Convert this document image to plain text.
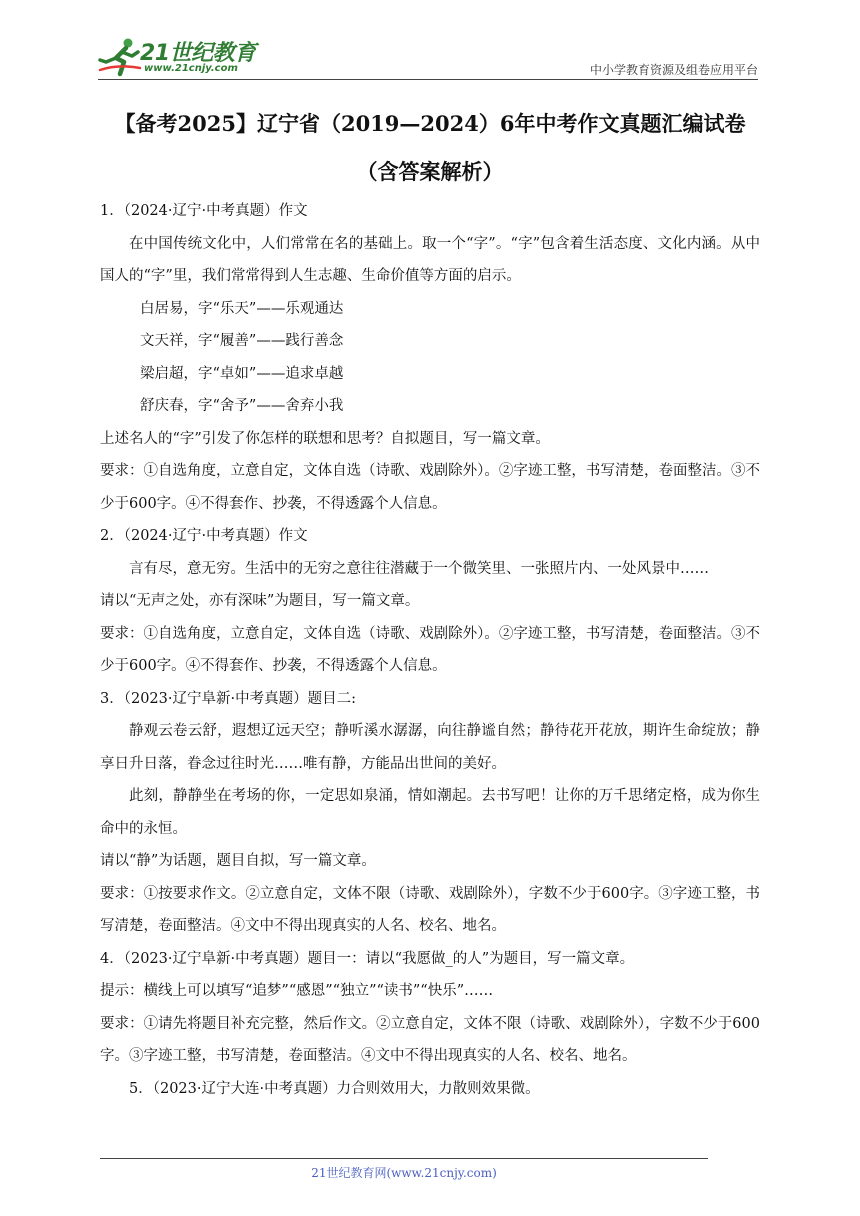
21世纪教育
www.21cnjy.com	中小学教育资源及组卷应用平台
【备考2025】辽宁省（2019—2024）6年中考作文真题汇编试卷（含答案解析）

1．（2024·辽宁·中考真题）作文

在中国传统文化中，人们常常在名的基础上。取一个“字”。“字”包含着生活态度、文化内涵。从中国人的“字”里，我们常常得到人生志趣、生命价值等方面的启示。

白居易，字“乐天”——乐观通达

文天祥，字“履善”——践行善念

梁启超，字“卓如”——追求卓越

舒庆春，字“舍予”——舍弃小我

上述名人的“字”引发了你怎样的联想和思考？自拟题目，写一篇文章。

要求：①自选角度，立意自定，文体自选（诗歌、戏剧除外）。②字迹工整，书写清楚，卷面整洁。③不少于600字。④不得套作、抄袭，不得透露个人信息。

2．（2024·辽宁·中考真题）作文

言有尽，意无穷。生活中的无穷之意往往潜藏于一个微笑里、一张照片内、一处风景中……

请以“无声之处，亦有深味”为题目，写一篇文章。

要求：①自选角度，立意自定，文体自选（诗歌、戏剧除外）。②字迹工整，书写清楚，卷面整洁。③不少于600字。④不得套作、抄袭，不得透露个人信息。

3．（2023·辽宁阜新·中考真题）题目二:

静观云卷云舒，遐想辽远天空；静听溪水潺潺，向往静谧自然；静待花开花放，期许生命绽放；静享日升日落，眷念过往时光……唯有静，方能品出世间的美好。

此刻，静静坐在考场的你，一定思如泉涌，情如潮起。去书写吧！让你的万千思绪定格，成为你生命中的永恒。

请以“静”为话题，题目自拟，写一篇文章。

要求：①按要求作文。②立意自定，文体不限（诗歌、戏剧除外），字数不少于600字。③字迹工整，书写清楚，卷面整洁。④文中不得出现真实的人名、校名、地名。

4．（2023·辽宁阜新·中考真题）题目一：请以“我愿做_的人”为题目，写一篇文章。

提示：横线上可以填写“追梦”“感恩”“独立”“读书”“快乐”……

要求：①请先将题目补充完整，然后作文。②立意自定，文体不限（诗歌、戏剧除外），字数不少于600字。③字迹工整，书写清楚，卷面整洁。④文中不得出现真实的人名、校名、地名。

5．（2023·辽宁大连·中考真题）力合则效用大，力散则效果微。

21世纪教育网(www.21cnjy.com)
